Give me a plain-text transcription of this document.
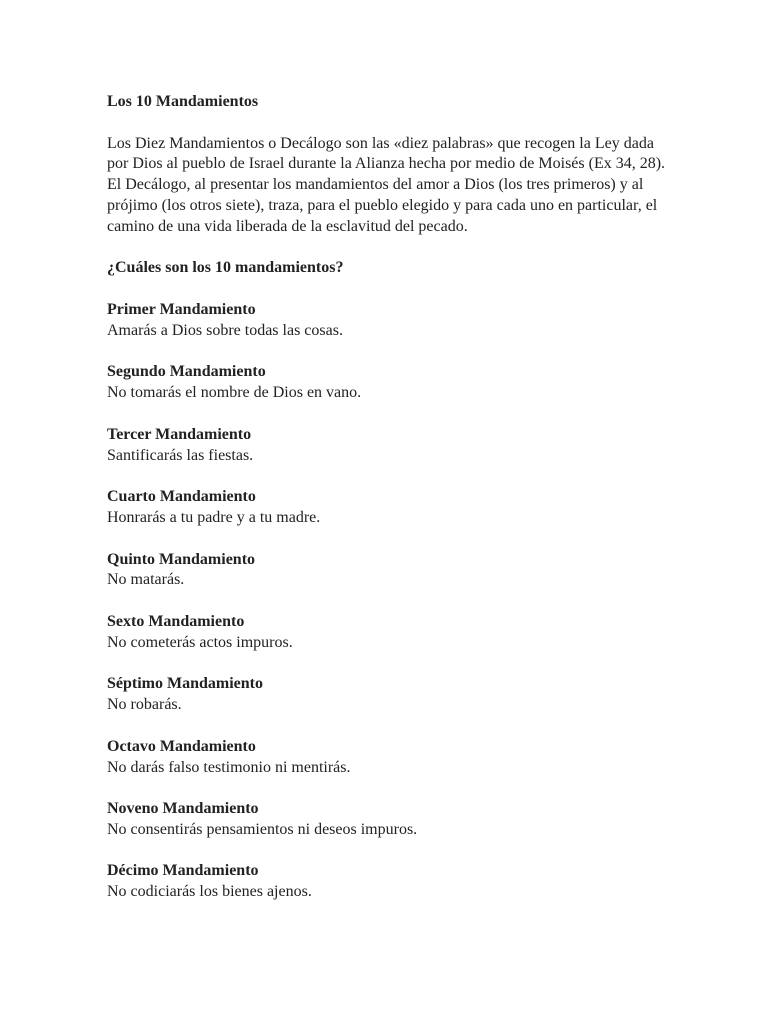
Los 10 Mandamientos

Los Diez Mandamientos o Decálogo son las «diez palabras» que recogen la Ley dada por Dios al pueblo de Israel durante la Alianza hecha por medio de Moisés (Ex 34, 28). El Decálogo, al presentar los mandamientos del amor a Dios (los tres primeros) y al prójimo (los otros siete), traza, para el pueblo elegido y para cada uno en particular, el camino de una vida liberada de la esclavitud del pecado.

¿Cuáles son los 10 mandamientos?

Primer Mandamiento
Amarás a Dios sobre todas las cosas.
Segundo Mandamiento
No tomarás el nombre de Dios en vano.
Tercer Mandamiento
Santificarás las fiestas.
Cuarto Mandamiento
Honrarás a tu padre y a tu madre.
Quinto Mandamiento
No matarás.
Sexto Mandamiento
No cometerás actos impuros.
Séptimo Mandamiento
No robarás.
Octavo Mandamiento
No darás falso testimonio ni mentirás.
Noveno Mandamiento
No consentirás pensamientos ni deseos impuros.
Décimo Mandamiento
No codiciarás los bienes ajenos.
